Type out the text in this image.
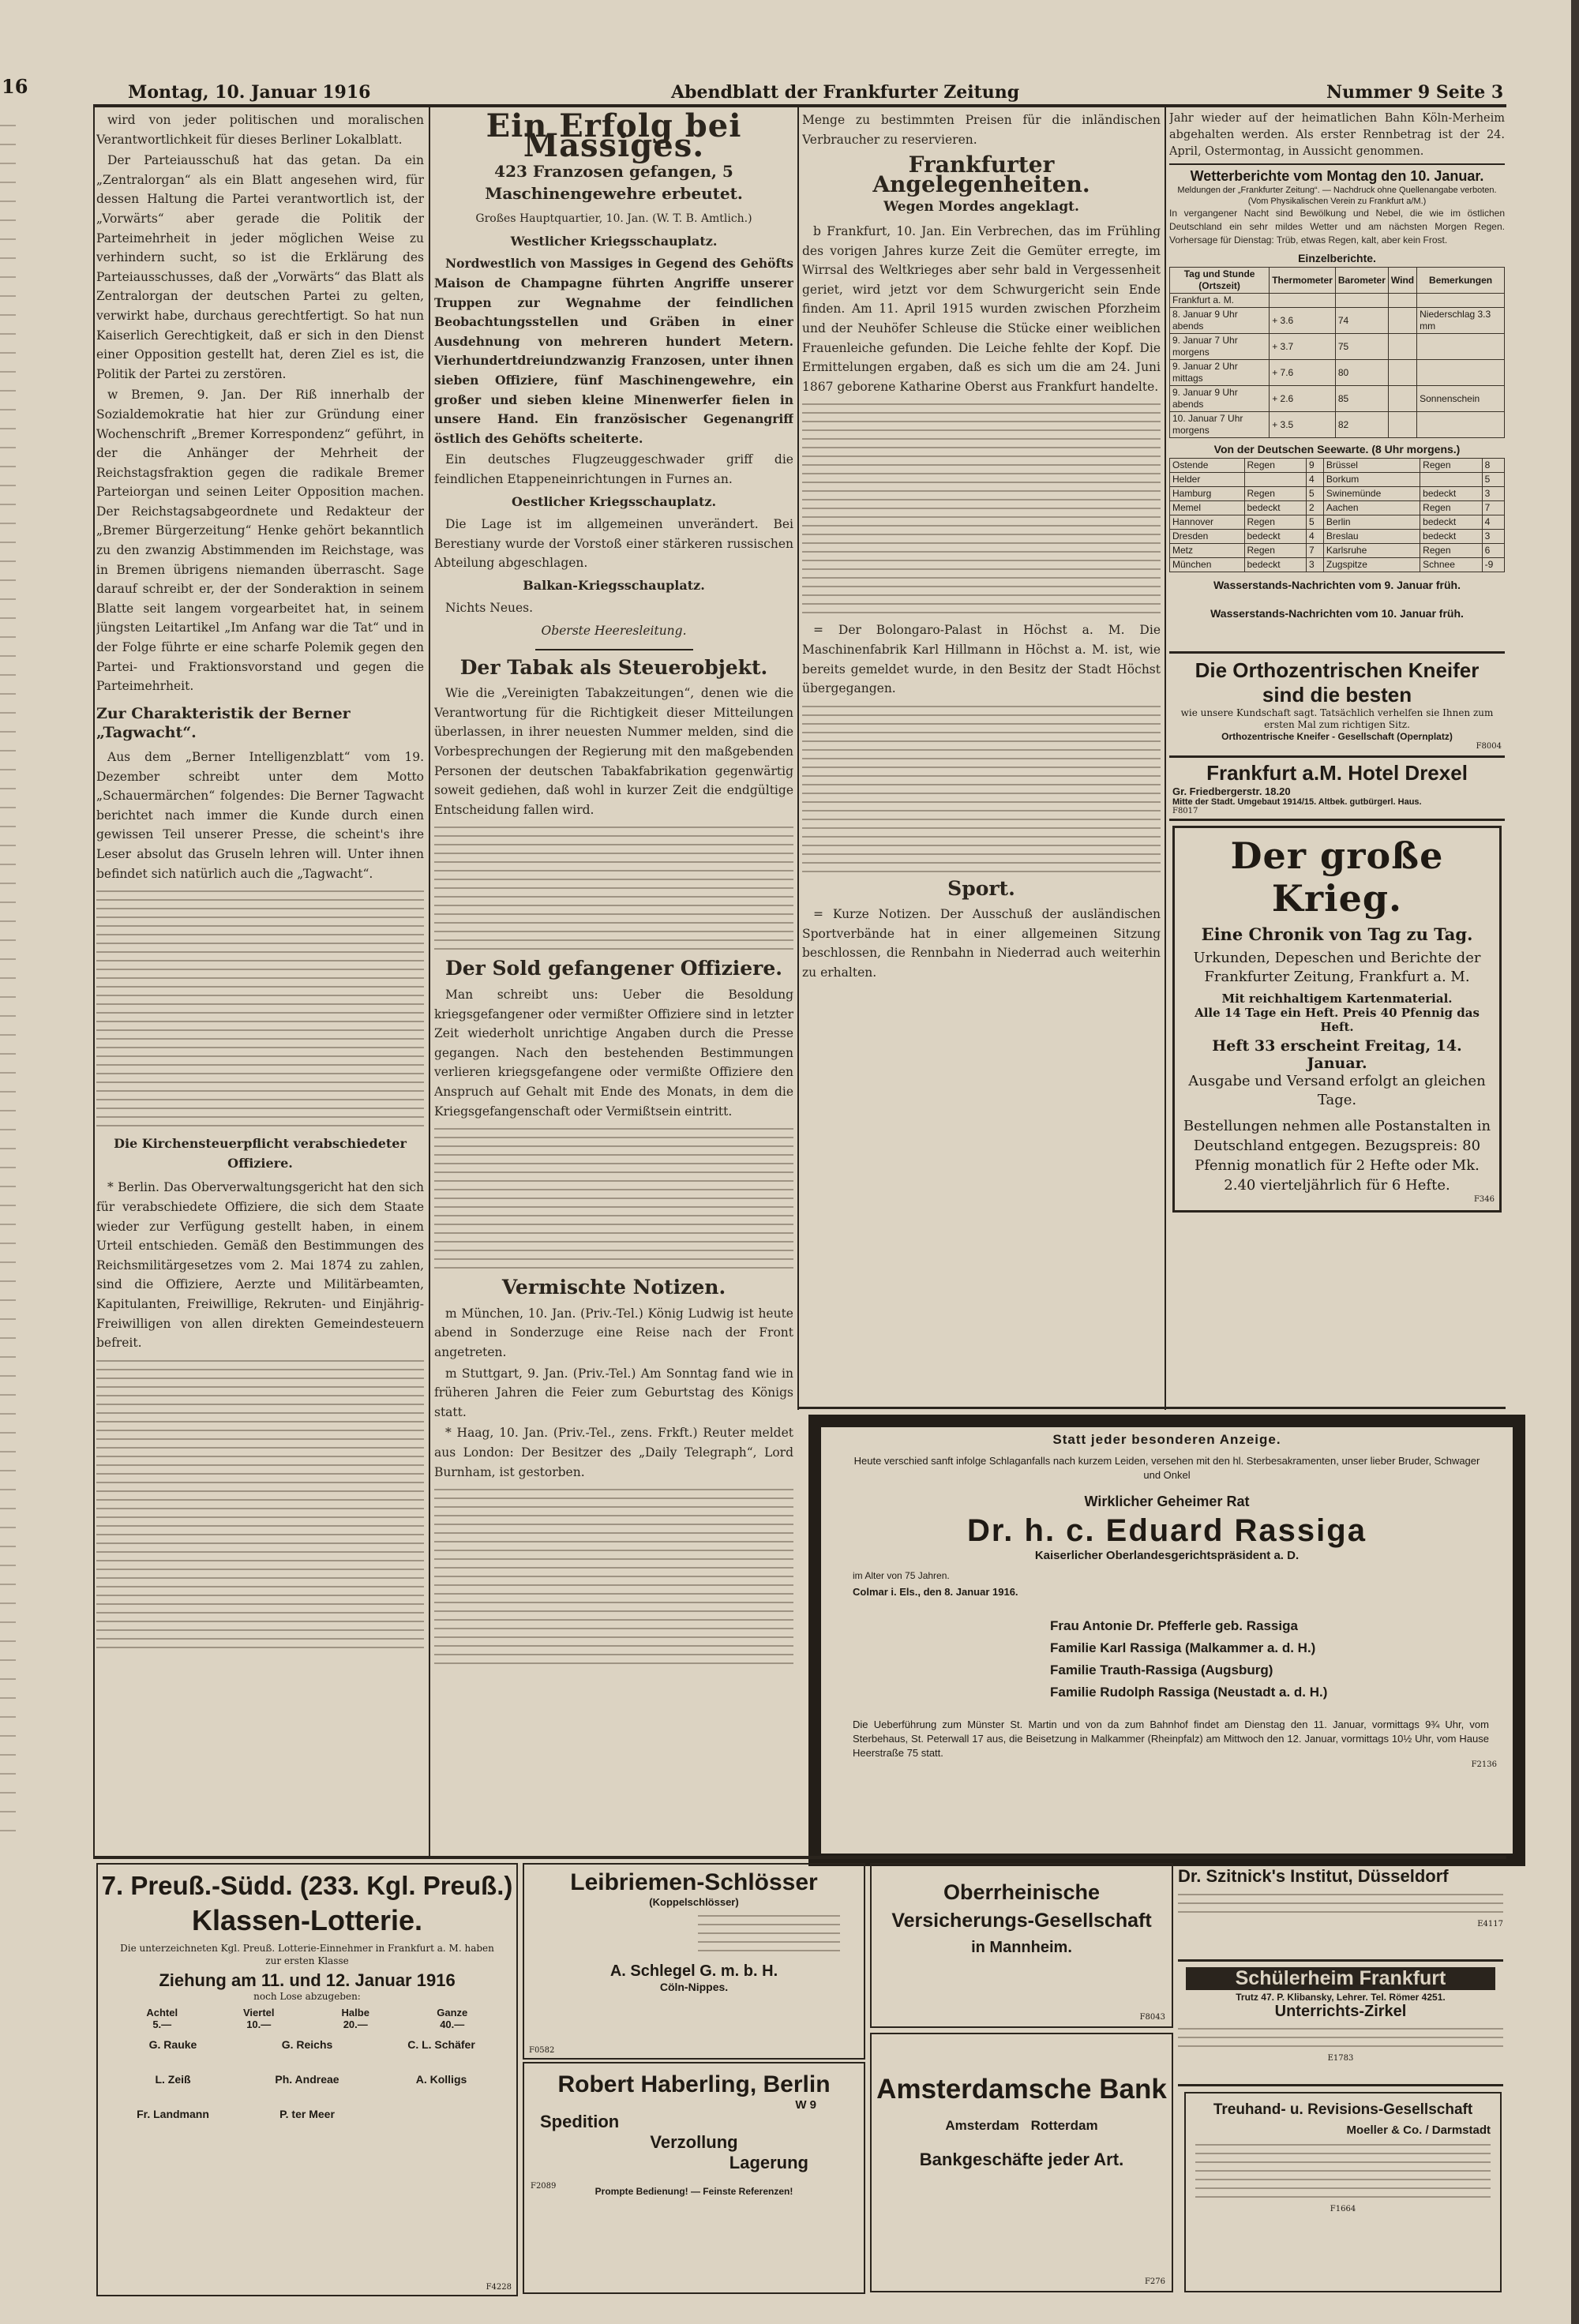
16	Montag, 10. Januar 1916	Abendblatt der Frankfurter Zeitung	Nummer 9 Seite 3

wird von jeder politischen und moralischen Verantwortlichkeit für dieses Berliner Lokalblatt.

Der Parteiausschuß hat das getan. Da ein „Zentralorgan“ als ein Blatt angesehen wird, für dessen Haltung die Partei verantwortlich ist, der „Vorwärts“ aber gerade die Politik der Parteimehrheit in jeder möglichen Weise zu verhindern sucht, so ist die Erklärung des Parteiausschusses, daß der „Vorwärts“ das Blatt als Zentralorgan der deutschen Partei zu gelten, verwirkt habe, durchaus gerechtfertigt. So hat nun Kaiserlich Gerechtigkeit, daß er sich in den Dienst einer Opposition gestellt hat, deren Ziel es ist, die Politik der Partei zu zerstören.

w Bremen, 9. Jan. Der Riß innerhalb der Sozialdemokratie hat hier zur Gründung einer Wochenschrift „Bremer Korrespondenz“ geführt, in der die Anhänger der Mehrheit der Reichstagsfraktion gegen die radikale Bremer Parteiorgan und seinen Leiter Opposition machen. Der Reichstagsabgeordnete und Redakteur der „Bremer Bürgerzeitung“ Henke gehört bekanntlich zu den zwanzig Abstimmenden im Reichstage, was in Bremen übrigens niemanden überrascht. Sage darauf schreibt er, der der Sonderaktion in seinem Blatte seit langem vorgearbeitet hat, in seinem jüngsten Leitartikel „Im Anfang war die Tat“ und in der Folge führte er eine scharfe Polemik gegen den Partei- und Fraktionsvorstand und gegen die Parteimehrheit.

Zur Charakteristik der Berner „Tagwacht“.

Aus dem „Berner Intelligenzblatt“ vom 19. Dezember schreibt unter dem Motto „Schauermärchen“ folgendes: Die Berner Tagwacht berichtet nach immer die Kunde durch einen gewissen Teil unserer Presse, die scheint's ihre Leser absolut das Gruseln lehren will. Unter ihnen befindet sich natürlich auch die „Tagwacht“.

Die Kirchensteuerpflicht verabschiedeter Offiziere.

* Berlin. Das Oberverwaltungsgericht hat den sich für verabschiedete Offiziere, die sich dem Staate wieder zur Verfügung gestellt haben, in einem Urteil entschieden. Gemäß den Bestimmungen des Reichsmilitärgesetzes vom 2. Mai 1874 zu zahlen, sind die Offiziere, Aerzte und Militärbeamten, Kapitulanten, Freiwillige, Rekruten- und Einjährig-Freiwilligen von allen direkten Gemeindesteuern befreit.

Ein Erfolg bei Massiges.
423 Franzosen gefangen, 5 Maschinengewehre erbeutet.
Großes Hauptquartier, 10. Jan. (W. T. B. Amtlich.)
Westlicher Kriegsschauplatz.

Nordwestlich von Massiges in Gegend des Gehöfts Maison de Champagne führten Angriffe unserer Truppen zur Wegnahme der feindlichen Beobachtungsstellen und Gräben in einer Ausdehnung von mehreren hundert Metern. Vierhundertdreiundzwanzig Franzosen, unter ihnen sieben Offiziere, fünf Maschinengewehre, ein großer und sieben kleine Minenwerfer fielen in unsere Hand. Ein französischer Gegenangriff östlich des Gehöfts scheiterte.

Ein deutsches Flugzeuggeschwader griff die feindlichen Etappeneinrichtungen in Furnes an.

Oestlicher Kriegsschauplatz.

Die Lage ist im allgemeinen unverändert. Bei Berestiany wurde der Vorstoß einer stärkeren russischen Abteilung abgeschlagen.

Balkan-Kriegsschauplatz.

Nichts Neues.

Oberste Heeresleitung.
Der Tabak als Steuerobjekt.

Wie die „Vereinigten Tabakzeitungen“, denen wie die Verantwortung für die Richtigkeit dieser Mitteilungen überlassen, in ihrer neuesten Nummer melden, sind die Vorbesprechungen der Regierung mit den maßgebenden Personen der deutschen Tabakfabrikation gegenwärtig soweit gediehen, daß wohl in kurzer Zeit die endgültige Entscheidung fallen wird.

Der Sold gefangener Offiziere.

Man schreibt uns: Ueber die Besoldung kriegsgefangener oder vermißter Offiziere sind in letzter Zeit wiederholt unrichtige Angaben durch die Presse gegangen. Nach den bestehenden Bestimmungen verlieren kriegsgefangene oder vermißte Offiziere den Anspruch auf Gehalt mit Ende des Monats, in dem die Kriegsgefangenschaft oder Vermißtsein eintritt.

Vermischte Notizen.

m München, 10. Jan. (Priv.-Tel.) König Ludwig ist heute abend in Sonderzuge eine Reise nach der Front angetreten.

m Stuttgart, 9. Jan. (Priv.-Tel.) Am Sonntag fand wie in früheren Jahren die Feier zum Geburtstag des Königs statt.

* Haag, 10. Jan. (Priv.-Tel., zens. Frkft.) Reuter meldet aus London: Der Besitzer des „Daily Telegraph“, Lord Burnham, ist gestorben.

Menge zu bestimmten Preisen für die inländischen Verbraucher zu reservieren.

Frankfurter Angelegenheiten.
Wegen Mordes angeklagt.

b Frankfurt, 10. Jan. Ein Verbrechen, das im Frühling des vorigen Jahres kurze Zeit die Gemüter erregte, im Wirrsal des Weltkrieges aber sehr bald in Vergessenheit geriet, wird jetzt vor dem Schwurgericht sein Ende finden. Am 11. April 1915 wurden zwischen Pforzheim und der Neuhöfer Schleuse die Stücke einer weiblichen Frauenleiche gefunden. Die Leiche fehlte der Kopf. Die Ermittelungen ergaben, daß es sich um die am 24. Juni 1867 geborene Katharine Oberst aus Frankfurt handelte.

= Der Bolongaro-Palast in Höchst a. M. Die Maschinenfabrik Karl Hillmann in Höchst a. M. ist, wie bereits gemeldet wurde, in den Besitz der Stadt Höchst übergegangen.

Sport.

= Kurze Notizen. Der Ausschuß der ausländischen Sportverbände hat in einer allgemeinen Sitzung beschlossen, die Rennbahn in Niederrad auch weiterhin zu erhalten.

Jahr wieder auf der heimatlichen Bahn Köln-Merheim abgehalten werden. Als erster Rennbetrag ist der 24. April, Ostermontag, in Aussicht genommen.
Wetterberichte vom Montag den 10. Januar.
Meldungen der „Frankfurter Zeitung“. — Nachdruck ohne Quellenangabe verboten. (Vom Physikalischen Verein zu Frankfurt a/M.)
In vergangener Nacht sind Bewölkung und Nebel, die wie im östlichen Deutschland ein sehr mildes Wetter und am nächsten Morgen Regen. Vorhersage für Dienstag: Trüb, etwas Regen, kalt, aber kein Frost.
Einzelberichte.
Tag und Stunde (Ortszeit)	Thermometer	Barometer	Wind	Bemerkungen
Frankfurt a. M.				
8. Januar 9 Uhr abends	+ 3.6	74		Niederschlag 3.3 mm
9. Januar 7 Uhr morgens	+ 3.7	75		
9. Januar 2 Uhr mittags	+ 7.6	80		
9. Januar 9 Uhr abends	+ 2.6	85		Sonnenschein
10. Januar 7 Uhr morgens	+ 3.5	82		
Von der Deutschen Seewarte. (8 Uhr morgens.)
Ostende	Regen	9	Brüssel	Regen	8
Helder		4	Borkum		5
Hamburg	Regen	5	Swinemünde	bedeckt	3
Memel	bedeckt	2	Aachen	Regen	7
Hannover	Regen	5	Berlin	bedeckt	4
Dresden	bedeckt	4	Breslau	bedeckt	3
Metz	Regen	7	Karlsruhe	Regen	6
München	bedeckt	3	Zugspitze	Schnee	-9
Wasserstands-Nachrichten vom 9. Januar früh.
Wasserstands-Nachrichten vom 10. Januar früh.
Die Orthozentrischen Kneifer
sind die besten
wie unsere Kundschaft sagt. Tatsächlich verhelfen sie Ihnen zum ersten Mal zum richtigen Sitz.
Orthozentrische Kneifer - Gesellschaft (Opernplatz)
F8004
Frankfurt a.M. Hotel Drexel
Gr. Friedbergerstr. 18.20
Mitte der Stadt. Umgebaut 1914/15. Altbek. gutbürgerl. Haus.
F8017
Der große Krieg.
Eine Chronik von Tag zu Tag.
Urkunden, Depeschen und Berichte der Frankfurter Zeitung, Frankfurt a. M.
Mit reichhaltigem Kartenmaterial.
Alle 14 Tage ein Heft. Preis 40 Pfennig das Heft.
Heft 33 erscheint Freitag, 14. Januar.
Ausgabe und Versand erfolgt an gleichen Tage.
Bestellungen nehmen alle Postanstalten in Deutschland entgegen. Bezugspreis: 80 Pfennig monatlich für 2 Hefte oder Mk. 2.40 vierteljährlich für 6 Hefte.
F346
Statt jeder besonderen Anzeige.
Heute verschied sanft infolge Schlaganfalls nach kurzem Leiden, versehen mit den hl. Sterbesakramenten, unser lieber Bruder, Schwager und Onkel
Wirklicher Geheimer Rat
Dr. h. c. Eduard Rassiga
Kaiserlicher Oberlandesgerichtspräsident a. D.
im Alter von 75 Jahren.
Colmar i. Els., den 8. Januar 1916.
Frau Antonie Dr. Pfefferle geb. Rassiga
Familie Karl Rassiga (Malkammer a. d. H.)
Familie Trauth-Rassiga (Augsburg)
Familie Rudolph Rassiga (Neustadt a. d. H.)
Die Ueberführung zum Münster St. Martin und von da zum Bahnhof findet am Dienstag den 11. Januar, vormittags 9¾ Uhr, vom Sterbehaus, St. Peterwall 17 aus, die Beisetzung in Malkammer (Rheinpfalz) am Mittwoch den 12. Januar, vormittags 10½ Uhr, vom Hause Heerstraße 75 statt.
F2136
7. Preuß.-Südd. (233. Kgl. Preuß.)
Klassen-Lotterie.
Die unterzeichneten Kgl. Preuß. Lotterie-Einnehmer in Frankfurt a. M. haben zur ersten Klasse
Ziehung am 11. und 12. Januar 1916
noch Lose abzugeben:
Achtel	Viertel	Halbe	Ganze
5.—	10.—	20.—	40.—
G. Rauke	G. Reichs	C. L. Schäfer
L. Zeiß	Ph. Andreae	A. Kolligs
Fr. Landmann	P. ter Meer
F4228
Leibriemen-Schlösser
(Koppelschlösser)
A. Schlegel G. m. b. H.
Cöln-Nippes.
F0582
Oberrheinische
Versicherungs-Gesellschaft
in Mannheim.
F8043
Robert Haberling, Berlin
W 9
Spedition
Verzollung
Lagerung
Prompte Bedienung! — Feinste Referenzen!
F2089
Amsterdamsche Bank
Amsterdam Rotterdam
Bankgeschäfte jeder Art.
F276
Dr. Szitnick's Institut, Düsseldorf
E4117
Schülerheim Frankfurt
Trutz 47. P. Klibansky, Lehrer. Tel. Römer 4251.
Unterrichts-Zirkel
E1783
Treuhand- u. Revisions-Gesellschaft
Moeller & Co. / Darmstadt
F1664
